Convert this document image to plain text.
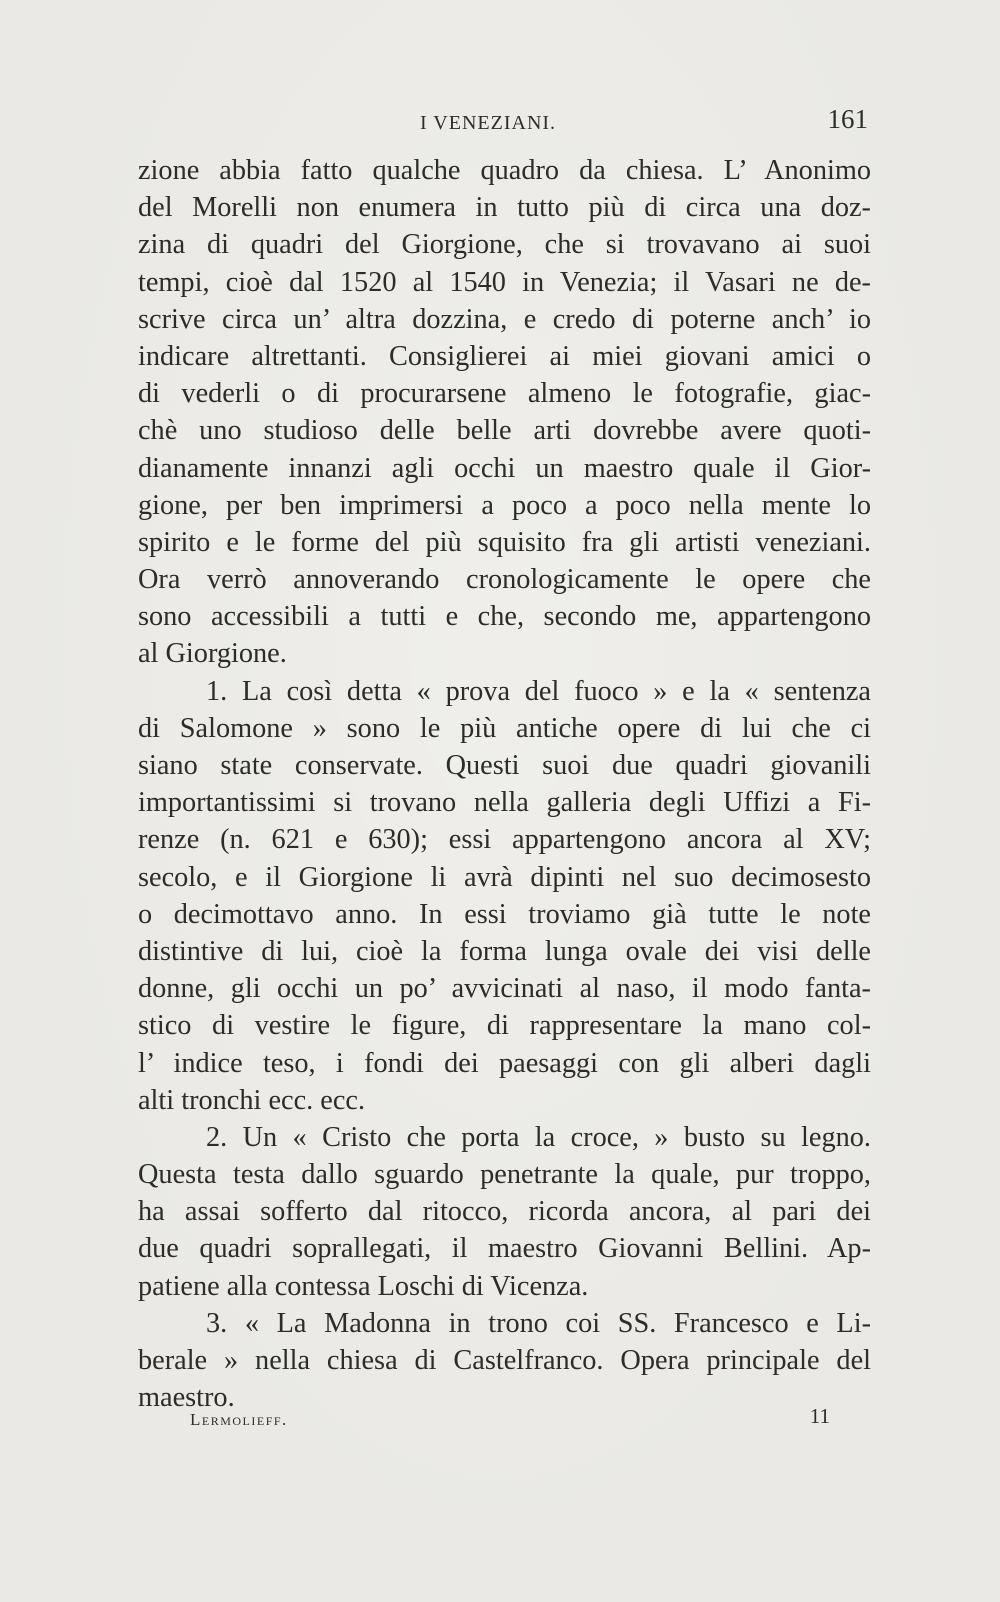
I VENEZIANI.	161
zione abbia fatto qualche quadro da chiesa. L’ Anonimo
del Morelli non enumera in tutto più di circa una doz-
zina di quadri del Giorgione, che si trovavano ai suoi
tempi, cioè dal 1520 al 1540 in Venezia; il Vasari ne de-
scrive circa un’ altra dozzina, e credo di poterne anch’ io
indicare altrettanti. Consiglierei ai miei giovani amici o
di vederli o di procurarsene almeno le fotografie, giac-
chè uno studioso delle belle arti dovrebbe avere quoti-
dianamente innanzi agli occhi un maestro quale il Gior-
gione, per ben imprimersi a poco a poco nella mente lo
spirito e le forme del più squisito fra gli artisti veneziani.
Ora verrò annoverando cronologicamente le opere che
sono accessibili a tutti e che, secondo me, appartengono
al Giorgione.
1. La così detta « prova del fuoco » e la « sentenza
di Salomone » sono le più antiche opere di lui che ci
siano state conservate. Questi suoi due quadri giovanili
importantissimi si trovano nella galleria degli Uffizi a Fi-
renze (n. 621 e 630); essi appartengono ancora al XV;
secolo, e il Giorgione li avrà dipinti nel suo decimosesto
o decimottavo anno. In essi troviamo già tutte le note
distintive di lui, cioè la forma lunga ovale dei visi delle
donne, gli occhi un po’ avvicinati al naso, il modo fanta-
stico di vestire le figure, di rappresentare la mano col-
l’ indice teso, i fondi dei paesaggi con gli alberi dagli
alti tronchi ecc. ecc.
2. Un « Cristo che porta la croce, » busto su legno.
Questa testa dallo sguardo penetrante la quale, pur troppo,
ha assai sofferto dal ritocco, ricorda ancora, al pari dei
due quadri soprallegati, il maestro Giovanni Bellini. Ap-
patiene alla contessa Loschi di Vicenza.
3. « La Madonna in trono coi SS. Francesco e Li-
berale » nella chiesa di Castelfranco. Opera principale del
maestro.
Lermolieff.	11
